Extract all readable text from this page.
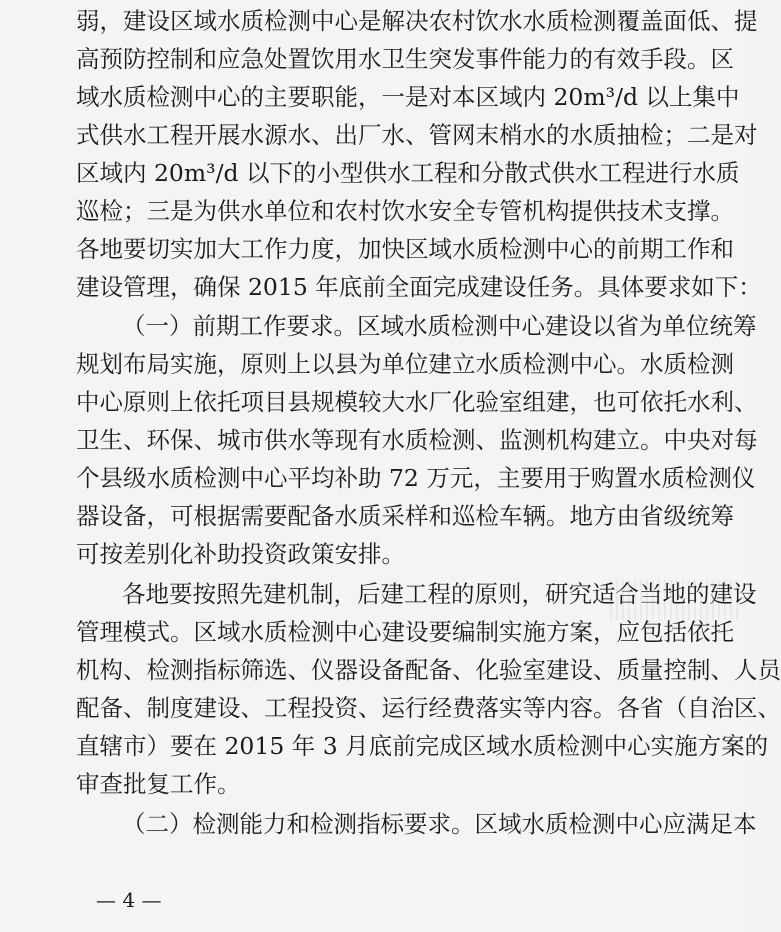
弱，建设区域水质检测中心是解决农村饮水水质检测覆盖面低、提
高预防控制和应急处置饮用水卫生突发事件能力的有效手段。区
域水质检测中心的主要职能，一是对本区域内 20m³/d 以上集中
式供水工程开展水源水、出厂水、管网末梢水的水质抽检；二是对
区域内 20m³/d 以下的小型供水工程和分散式供水工程进行水质
巡检；三是为供水单位和农村饮水安全专管机构提供技术支撑。
各地要切实加大工作力度，加快区域水质检测中心的前期工作和
建设管理，确保 2015 年底前全面完成建设任务。具体要求如下：
（一）前期工作要求。区域水质检测中心建设以省为单位统筹
规划布局实施，原则上以县为单位建立水质检测中心。水质检测
中心原则上依托项目县规模较大水厂化验室组建，也可依托水利、
卫生、环保、城市供水等现有水质检测、监测机构建立。中央对每
个县级水质检测中心平均补助 72 万元，主要用于购置水质检测仪
器设备，可根据需要配备水质采样和巡检车辆。地方由省级统筹
可按差别化补助投资政策安排。
各地要按照先建机制，后建工程的原则，研究适合当地的建设
管理模式。区域水质检测中心建设要编制实施方案，应包括依托
机构、检测指标筛选、仪器设备配备、化验室建设、质量控制、人员
配备、制度建设、工程投资、运行经费落实等内容。各省（自治区、
直辖市）要在 2015 年 3 月底前完成区域水质检测中心实施方案的
审查批复工作。
（二）检测能力和检测指标要求。区域水质检测中心应满足本
— 4 —
